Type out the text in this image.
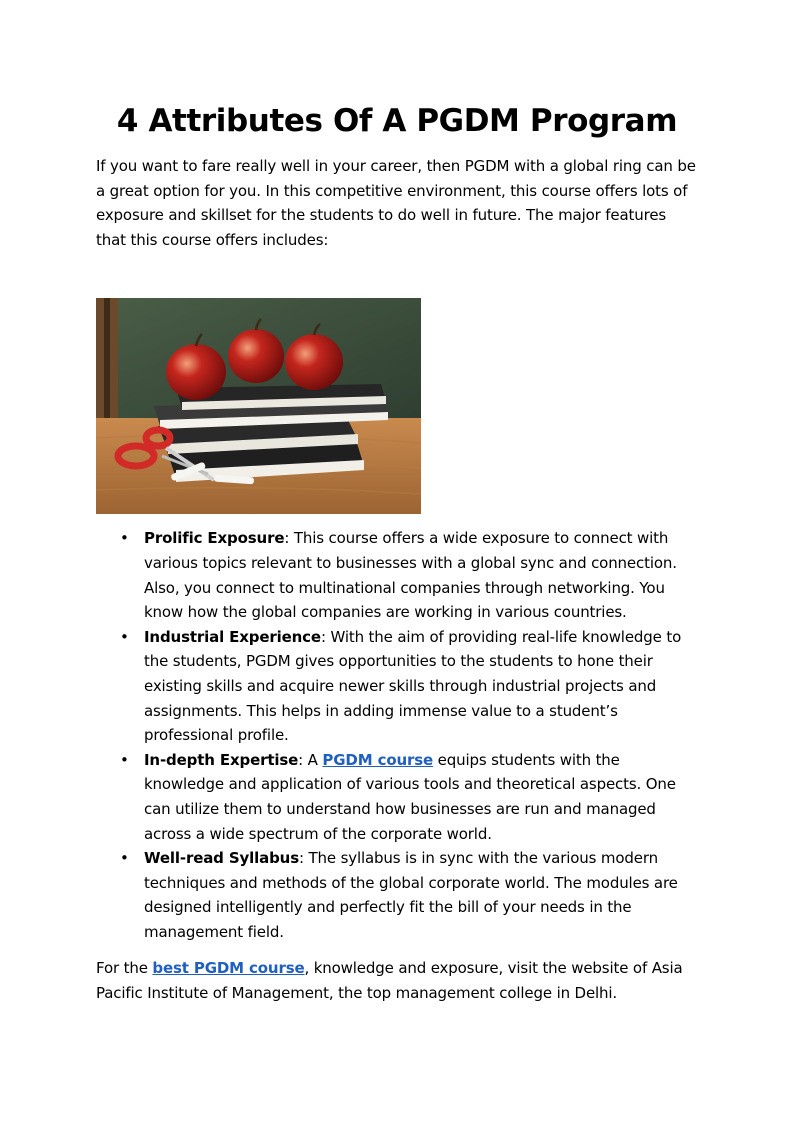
4 Attributes Of A PGDM Program

If you want to fare really well in your career, then PGDM with a global ring can be a great option for you. In this competitive environment, this course offers lots of exposure and skillset for the students to do well in future. The major features that this course offers includes:

• Prolific Exposure: This course offers a wide exposure to connect with various topics relevant to businesses with a global sync and connection. Also, you connect to multinational companies through networking. You know how the global companies are working in various countries.
• Industrial Experience: With the aim of providing real-life knowledge to the students, PGDM gives opportunities to the students to hone their existing skills and acquire newer skills through industrial projects and assignments. This helps in adding immense value to a student’s professional profile.
• In-depth Expertise: A PGDM course equips students with the knowledge and application of various tools and theoretical aspects. One can utilize them to understand how businesses are run and managed across a wide spectrum of the corporate world.
• Well-read Syllabus: The syllabus is in sync with the various modern techniques and methods of the global corporate world. The modules are designed intelligently and perfectly fit the bill of your needs in the management field.

For the best PGDM course, knowledge and exposure, visit the website of Asia Pacific Institute of Management, the top management college in Delhi.
